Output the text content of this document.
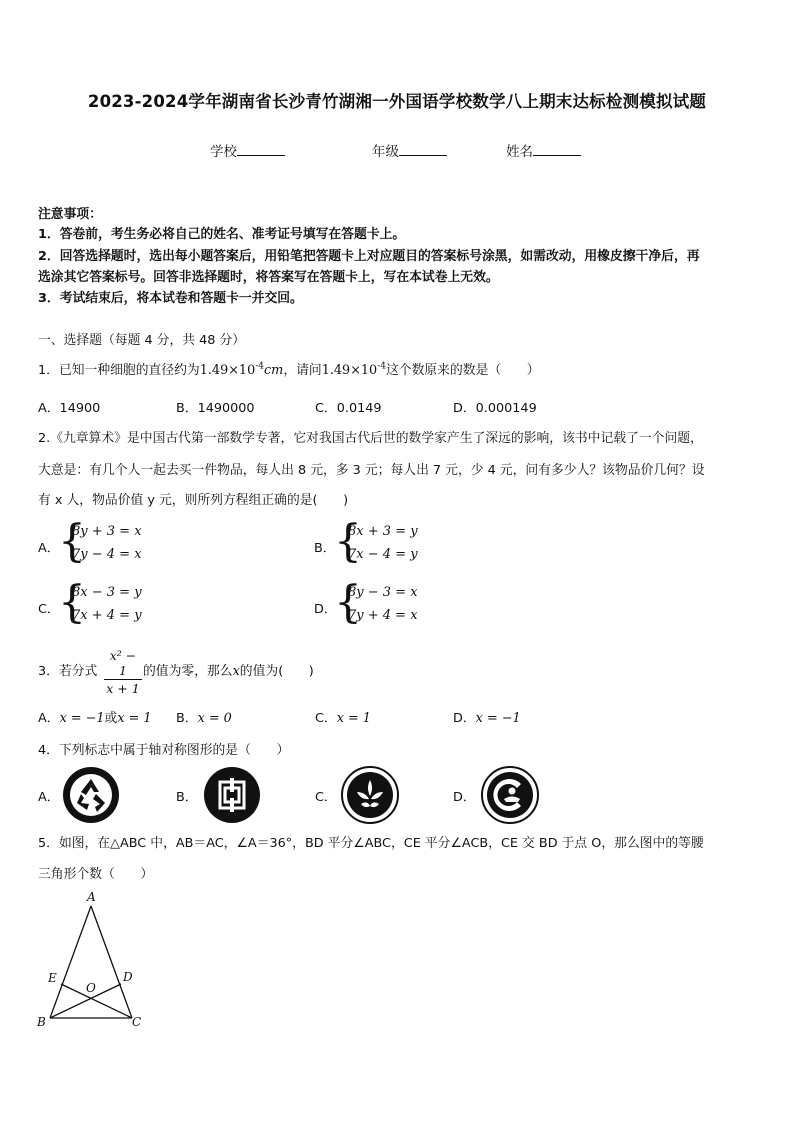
2023-2024学年湖南省长沙青竹湖湘一外国语学校数学八上期末达标检测模拟试题
学校	年级	姓名
注意事项：
1．答卷前，考生务必将自己的姓名、准考证号填写在答题卡上。
2．回答选择题时，选出每小题答案后，用铅笔把答题卡上对应题目的答案标号涂黑，如需改动，用橡皮擦干净后，再
选涂其它答案标号。回答非选择题时，将答案写在答题卡上，写在本试卷上无效。
3．考试结束后，将本试卷和答题卡一并交回。
一、选择题（每题 4 分，共 48 分）
1．已知一种细胞的直径约为$1.49\times 10^{-4}cm$，请问$1.49\times 10^{-4}$这个数原来的数是（　　）
A．14900	B．1490000	C．0.0149	D．0.000149
2.《九章算术》是中国古代第一部数学专著，它对我国古代后世的数学家产生了深远的影响，该书中记载了一个问题，
大意是：有几个人一起去买一件物品，每人出 8 元，多 3 元；每人出 7 元，少 4 元，问有多少人？该物品价几何？设
有 x 人，物品价值 y 元，则所列方程组正确的是(　　)
A．
{
8y + 3 = x
7y − 4 = x	B．
{
8x + 3 = y
7x − 4 = y
C．
{
8x − 3 = y
7x + 4 = y	D．
{
8y − 3 = x
7y + 4 = x
3．若分式
x² − 1
x + 1
的值为零，那么x的值为(　　)
A．x = −1或x = 1 B．x = 0	C．x = 1	D．x = −1
4．下列标志中属于轴对称图形的是（　　）
A．	B．	C．	D．
5．如图，在△ABC 中，AB＝AC，∠A＝36°，BD 平分∠ABC，CE 平分∠ACB，CE 交 BD 于点 O，那么图中的等腰
三角形个数（　　）
A
E	D
O
B	C
